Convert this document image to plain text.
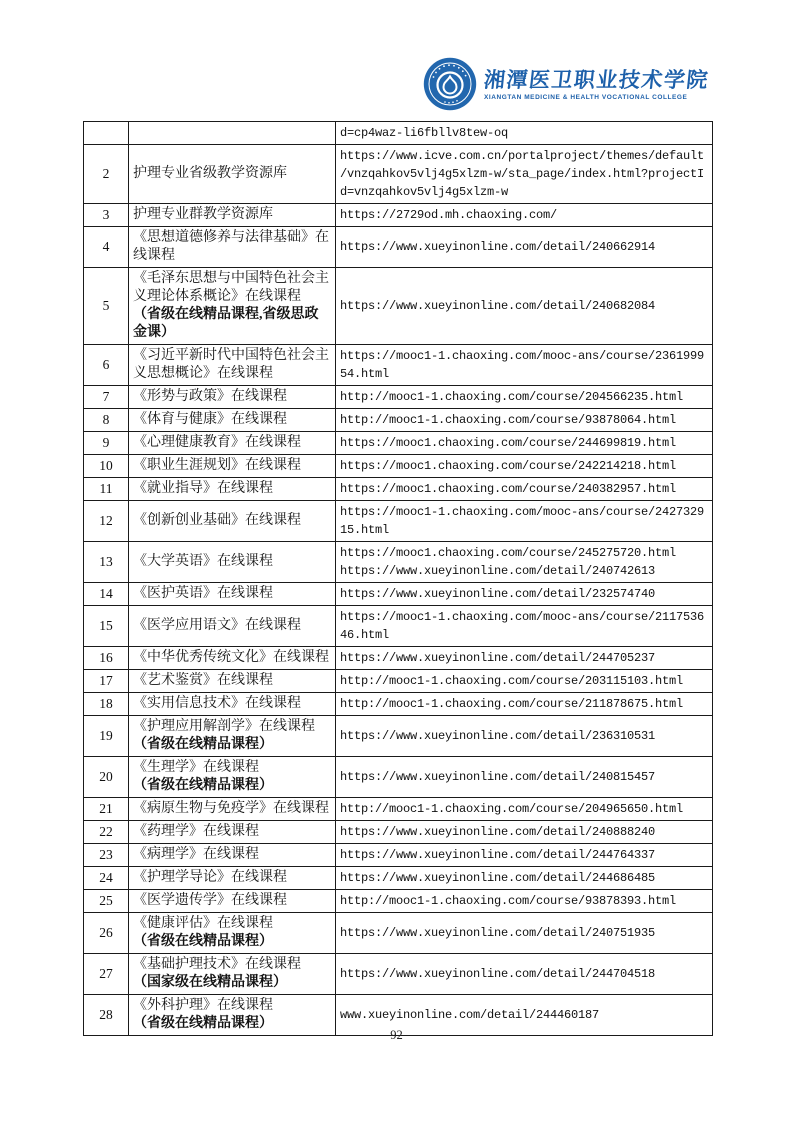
湘潭医卫职业技术学院
XIANGTAN MEDICINE & HEALTH VOCATIONAL COLLEGE

		d=cp4waz-li6fbllv8tew-oq

2	护理专业省级教学资源库	https://www.icve.com.cn/portalproject/themes/default
/vnzqahkov5vlj4g5xlzm-w/sta_page/index.html?projectI
d=vnzqahkov5vlj4g5xlzm-w

3	护理专业群教学资源库	https://2729od.mh.chaoxing.com/

4	《思想道德修养与法律基础》在线课程	https://www.xueyinonline.com/detail/240662914

5	《毛泽东思想与中国特色社会主义理论体系概论》在线课程
（省级在线精品课程,省级思政金课）	https://www.xueyinonline.com/detail/240682084

6	《习近平新时代中国特色社会主义思想概论》在线课程	https://mooc1-1.chaoxing.com/mooc-ans/course/2361999
54.html

7	《形势与政策》在线课程	http://mooc1-1.chaoxing.com/course/204566235.html

8	《体育与健康》在线课程	http://mooc1-1.chaoxing.com/course/93878064.html

9	《心理健康教育》在线课程	https://mooc1.chaoxing.com/course/244699819.html

10	《职业生涯规划》在线课程	https://mooc1.chaoxing.com/course/242214218.html

11	《就业指导》在线课程	https://mooc1.chaoxing.com/course/240382957.html

12	《创新创业基础》在线课程	https://mooc1-1.chaoxing.com/mooc-ans/course/2427329
15.html

13	《大学英语》在线课程	https://mooc1.chaoxing.com/course/245275720.html
https://www.xueyinonline.com/detail/240742613

14	《医护英语》在线课程	https://www.xueyinonline.com/detail/232574740

15	《医学应用语文》在线课程	https://mooc1-1.chaoxing.com/mooc-ans/course/2117536
46.html

16	《中华优秀传统文化》在线课程	https://www.xueyinonline.com/detail/244705237

17	《艺术鉴赏》在线课程	http://mooc1-1.chaoxing.com/course/203115103.html

18	《实用信息技术》在线课程	http://mooc1-1.chaoxing.com/course/211878675.html

19	《护理应用解剖学》在线课程
（省级在线精品课程）	https://www.xueyinonline.com/detail/236310531

20	《生理学》在线课程
（省级在线精品课程）	https://www.xueyinonline.com/detail/240815457

21	《病原生物与免疫学》在线课程	http://mooc1-1.chaoxing.com/course/204965650.html

22	《药理学》在线课程	https://www.xueyinonline.com/detail/240888240

23	《病理学》在线课程	https://www.xueyinonline.com/detail/244764337

24	《护理学导论》在线课程	https://www.xueyinonline.com/detail/244686485

25	《医学遗传学》在线课程	http://mooc1-1.chaoxing.com/course/93878393.html

26	《健康评估》在线课程
（省级在线精品课程）	https://www.xueyinonline.com/detail/240751935

27	《基础护理技术》在线课程
（国家级在线精品课程）	https://www.xueyinonline.com/detail/244704518

28	《外科护理》在线课程
（省级在线精品课程）	www.xueyinonline.com/detail/244460187
92
